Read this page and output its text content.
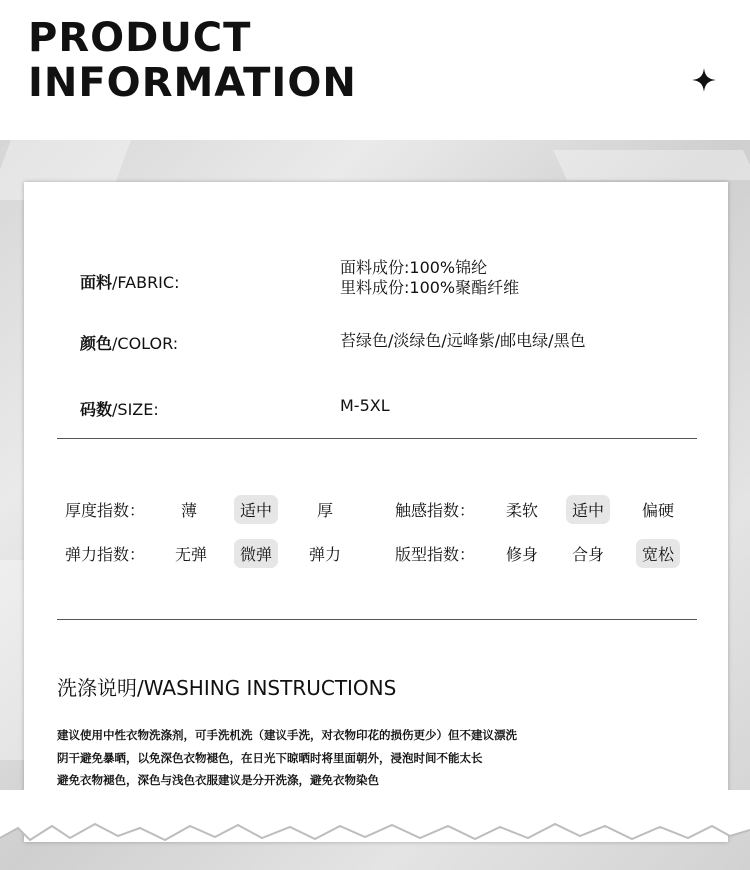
PRODUCT
INFORMATION
面料/FABRIC:
面料成份:100%锦纶
里料成份:100%聚酯纤维
颜色/COLOR:	苔绿色/淡绿色/远峰紫/邮电绿/黑色
码数/SIZE:	M-5XL
厚度指数：	薄	适中	厚	触感指数：	柔软	适中	偏硬
弹力指数：	无弹	微弹	弹力	版型指数：	修身	合身	宽松
洗涤说明/WASHING INSTRUCTIONS
建议使用中性衣物洗涤剂，可手洗机洗（建议手洗，对衣物印花的损伤更少）但不建议漂洗
阴干避免暴晒，以免深色衣物褪色，在日光下晾晒时将里面朝外，浸泡时间不能太长
避免衣物褪色，深色与浅色衣服建议是分开洗涤，避免衣物染色
